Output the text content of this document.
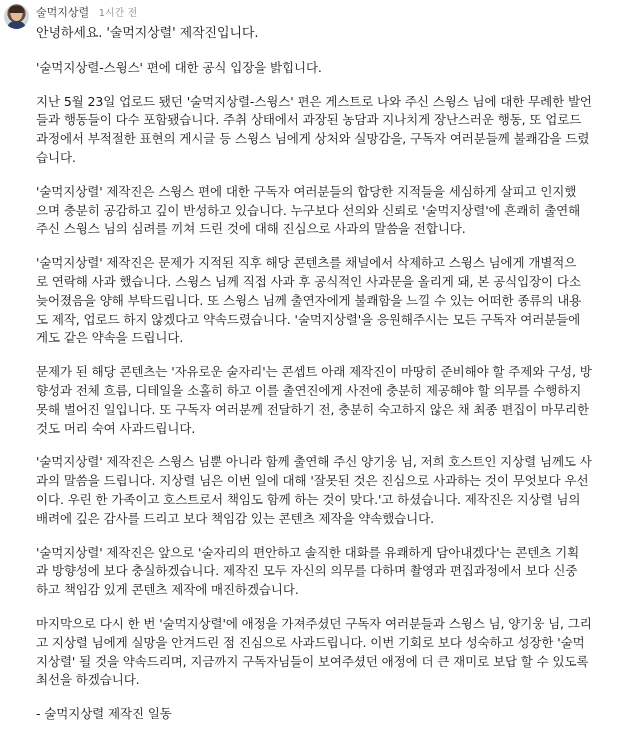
술먹지상렬 1시간 전
안녕하세요. '술먹지상렬' 제작진입니다.
'술먹지상렬-스윙스' 편에 대한 공식 입장을 밝힙니다.
지난 5월 23일 업로드 됐던 '술먹지상렬-스윙스' 편은 게스트로 나와 주신 스윙스 님에 대한 무례한 발언
들과 행동들이 다수 포함됐습니다. 주취 상태에서 과장된 농담과 지나치게 장난스러운 행동, 또 업로드
과정에서 부적절한 표현의 게시글 등 스윙스 님에게 상처와 실망감을, 구독자 여러분들께 불쾌감을 드렸
습니다.
'술먹지상렬' 제작진은 스윙스 편에 대한 구독자 여러분들의 합당한 지적들을 세심하게 살피고 인지했
으며 충분히 공감하고 깊이 반성하고 있습니다. 누구보다 선의와 신뢰로 '술먹지상렬'에 흔쾌히 출연해
주신 스윙스 님의 심려를 끼쳐 드린 것에 대해 진심으로 사과의 말씀을 전합니다.
'술먹지상렬' 제작진은 문제가 지적된 직후 해당 콘텐츠를 채널에서 삭제하고 스윙스 님에게 개별적으
로 연락해 사과 했습니다. 스윙스 님께 직접 사과 후 공식적인 사과문을 올리게 돼, 본 공식입장이 다소
늦어졌음을 양해 부탁드립니다. 또 스윙스 님께 출연자에게 불쾌함을 느낄 수 있는 어떠한 종류의 내용
도 제작, 업로드 하지 않겠다고 약속드렸습니다. '술먹지상렬'을 응원해주시는 모든 구독자 여러분들에
게도 같은 약속을 드립니다.
문제가 된 해당 콘텐츠는 '자유로운 술자리'는 콘셉트 아래 제작진이 마땅히 준비해야 할 주제와 구성, 방
향성과 전체 흐름, 디테일을 소홀히 하고 이를 출연진에게 사전에 충분히 제공해야 할 의무를 수행하지
못해 벌어진 일입니다. 또 구독자 여러분께 전달하기 전, 충분히 숙고하지 않은 채 최종 편집이 마무리한
것도 머리 숙여 사과드립니다.
'술먹지상렬' 제작진은 스윙스 님뿐 아니라 함께 출연해 주신 양기웅 님, 저희 호스트인 지상렬 님께도 사
과의 말씀을 드립니다. 지상렬 님은 이번 일에 대해 '잘못된 것은 진심으로 사과하는 것이 무엇보다 우선
이다. 우린 한 가족이고 호스트로서 책임도 함께 하는 것이 맞다.'고 하셨습니다. 제작진은 지상렬 님의
배려에 깊은 감사를 드리고 보다 책임감 있는 콘텐츠 제작을 약속했습니다.
'술먹지상렬' 제작진은 앞으로 '술자리의 편안하고 솔직한 대화를 유쾌하게 담아내겠다'는 콘텐츠 기획
과 방향성에 보다 충실하겠습니다. 제작진 모두 자신의 의무를 다하며 촬영과 편집과정에서 보다 신중
하고 책임감 있게 콘텐츠 제작에 매진하겠습니다.
마지막으로 다시 한 번 '술먹지상렬'에 애정을 가져주셨던 구독자 여러분들과 스윙스 님, 양기웅 님, 그리
고 지상렬 님에게 실망을 안겨드린 점 진심으로 사과드립니다. 이번 기회로 보다 성숙하고 성장한 '술먹
지상렬' 될 것을 약속드리며, 지금까지 구독자님들이 보여주셨던 애정에 더 큰 재미로 보답 할 수 있도록
최선을 하겠습니다.
- 술먹지상렬 제작진 일동
